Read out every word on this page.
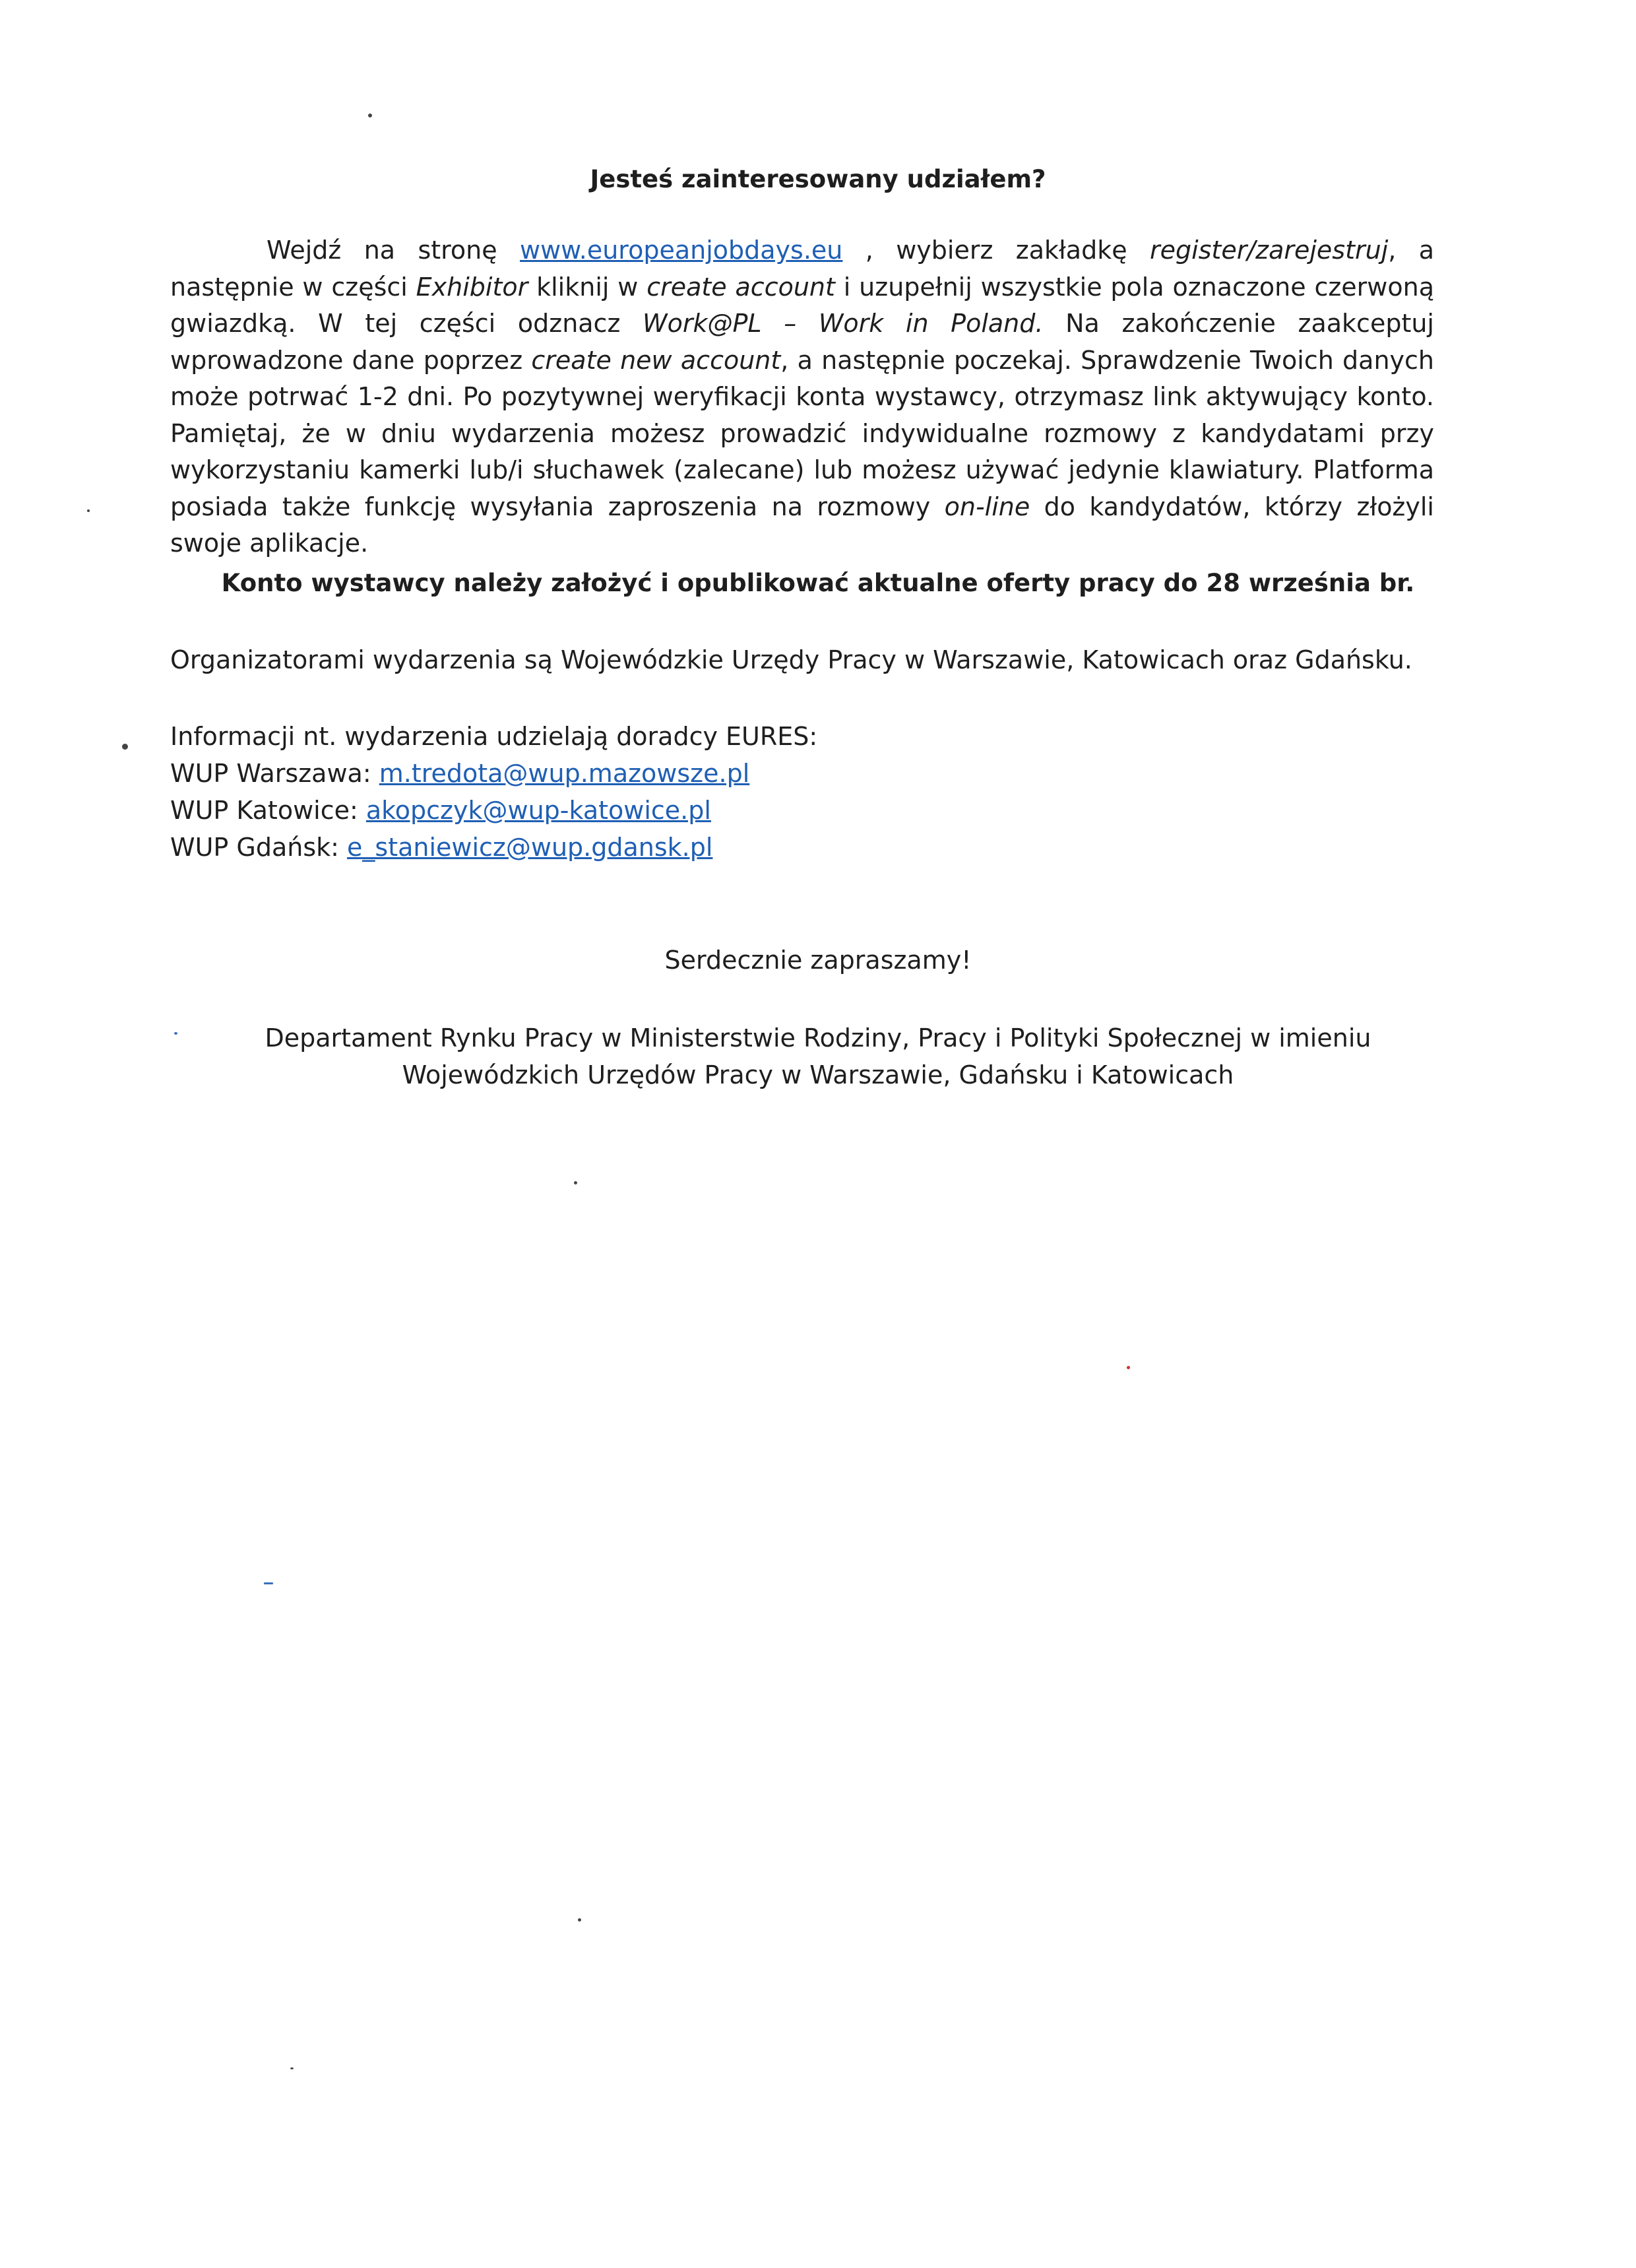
Jesteś zainteresowany udziałem?
Wejdź na stronę www.europeanjobdays.eu , wybierz zakładkę register/zarejestruj, a następnie w części Exhibitor kliknij w create account i uzupełnij wszystkie pola oznaczone czerwoną gwiazdką. W tej części odznacz Work@PL – Work in Poland. Na zakończenie zaakceptuj wprowadzone dane poprzez create new account, a następnie poczekaj. Sprawdzenie Twoich danych może potrwać 1-2 dni. Po pozytywnej weryfikacji konta wystawcy, otrzymasz link aktywujący konto. Pamiętaj, że w dniu wydarzenia możesz prowadzić indywidualne rozmowy z kandydatami przy wykorzystaniu kamerki lub/i słuchawek (zalecane) lub możesz używać jedynie klawiatury. Platforma posiada także funkcję wysyłania zaproszenia na rozmowy on-line do kandydatów, którzy złożyli swoje aplikacje.
Konto wystawcy należy założyć i opublikować aktualne oferty pracy do 28 września br.
Organizatorami wydarzenia są Wojewódzkie Urzędy Pracy w Warszawie, Katowicach oraz Gdańsku.
Informacji nt. wydarzenia udzielają doradcy EURES:
WUP Warszawa: m.tredota@wup.mazowsze.pl
WUP Katowice: akopczyk@wup-katowice.pl
WUP Gdańsk: e_staniewicz@wup.gdansk.pl
Serdecznie zapraszamy!
Departament Rynku Pracy w Ministerstwie Rodziny, Pracy i Polityki Społecznej w imieniu
Wojewódzkich Urzędów Pracy w Warszawie, Gdańsku i Katowicach
